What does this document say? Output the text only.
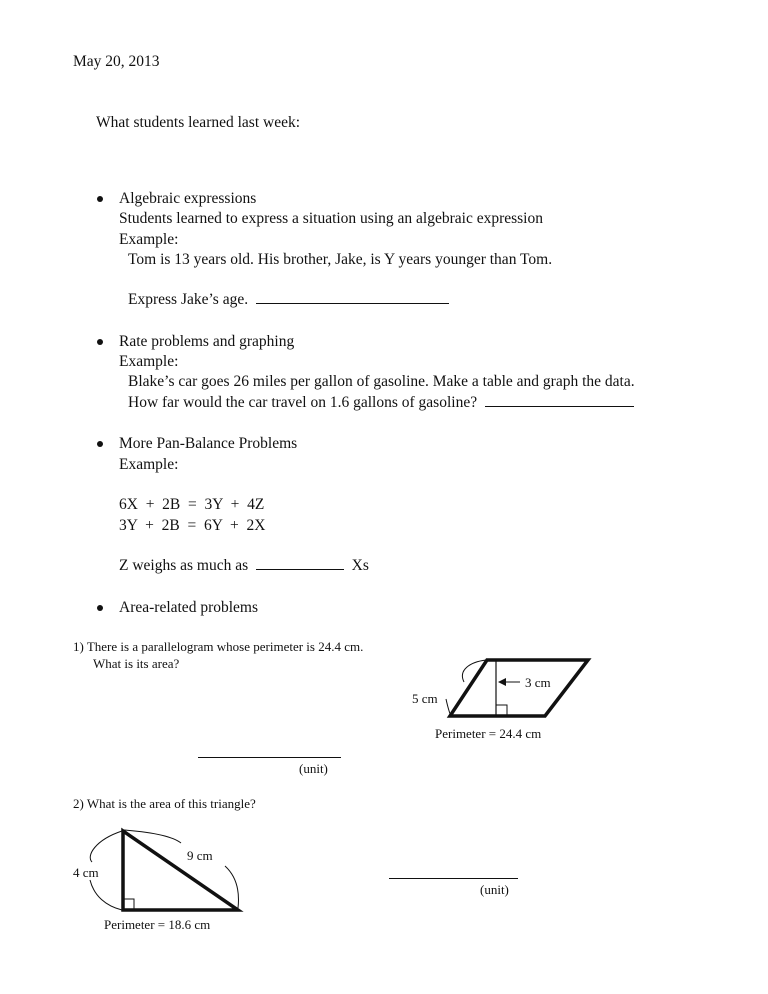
May 20, 2013
What students learned last week:
Algebraic expressions
Students learned to express a situation using an algebraic expression
Example:
Tom is 13 years old. His brother, Jake, is Y years younger than Tom.
Express Jake’s age.
Rate problems and graphing
Example:
Blake’s car goes 26 miles per gallon of gasoline. Make a table and graph the data.
How far would the car travel on 1.6 gallons of gasoline?
More Pan-Balance Problems
Example:
6X  +  2B  =  3Y  +  4Z
3Y  +  2B  =  6Y  +  2X
Z weighs as much as	Xs
Area-related problems
1) There is a parallelogram whose perimeter is 24.4 cm.
What is its area?
3 cm
5 cm
Perimeter = 24.4 cm
(unit)
2) What is the area of this triangle?
9 cm
4 cm
Perimeter = 18.6 cm
(unit)
